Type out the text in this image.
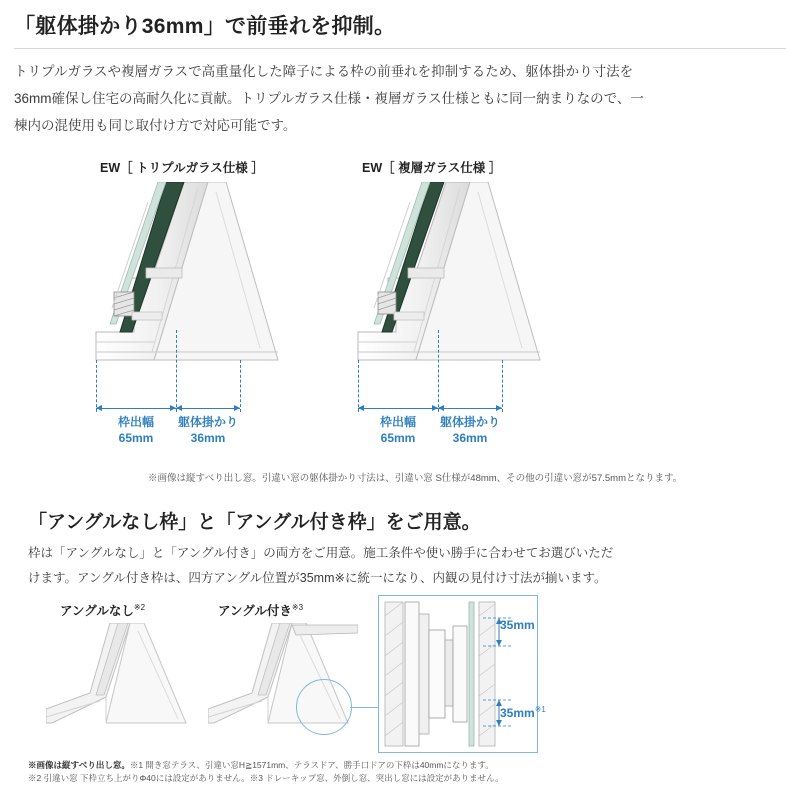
「躯体掛かり36mm」で前垂れを抑制。
トリプルガラスや複層ガラスで高重量化した障子による枠の前垂れを抑制するため、躯体掛かり寸法を36mm確保し住宅の高耐久化に貢献。トリプルガラス仕様・複層ガラス仕様ともに同一納まりなので、一棟内の混使用も同じ取付け方で対応可能です。
EW［ トリプルガラス仕様 ］	EW［ 複層ガラス仕様 ］
枠出幅
65mm
躯体掛かり
36mm
枠出幅
65mm
躯体掛かり
36mm
※画像は縦すべり出し窓。引違い窓の躯体掛かり寸法は、引違い窓 S仕様が48mm、その他の引違い窓が57.5mmとなります。
「アングルなし枠」と「アングル付き枠」をご用意。
枠は「アングルなし」と「アングル付き」の両方をご用意。施工条件や使い勝手に合わせてお選びいただけます。アングル付き枠は、四方アングル位置が35mm※に統一になり、内観の見付け寸法が揃います。
アングルなし$^{※2}$	アングル付き$^{※3}$
35mm
$35mm^{※1}$
※画像は縦すべり出し窓。※1 開き窓テラス、引違い窓H≧1571mm、テラスドア、勝手口ドアの下枠は40mmになります。
※2 引違い窓 下枠立ち上がりΦ40には設定がありません。※3 ドレーキップ窓、外倒し窓、突出し窓には設定がありません。
